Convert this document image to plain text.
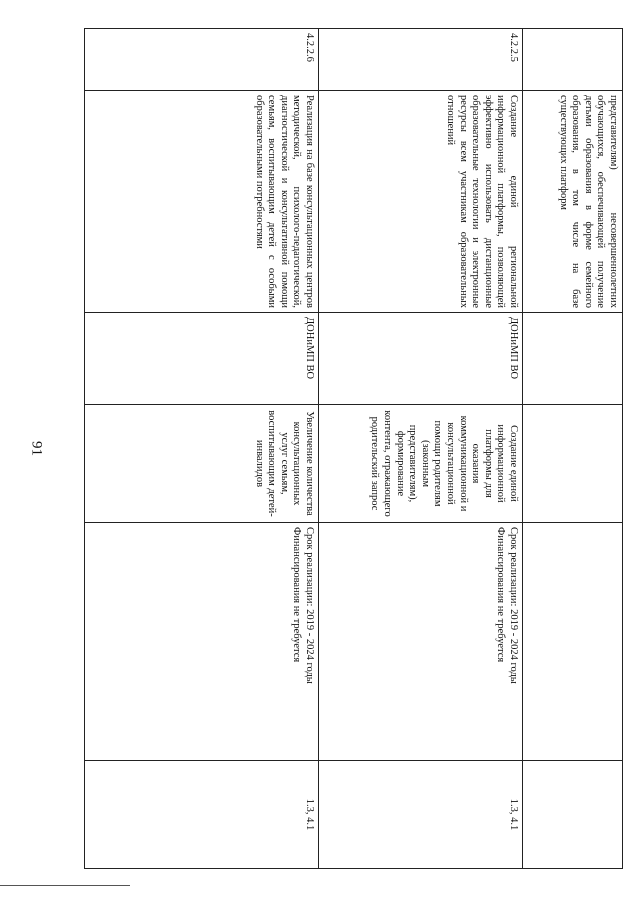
91
	представителям) несовершеннолетних обучающихся, обеспечивающей получение детьми образования в форме семейного образования, в том числе на базе существующих платформ				
4.2.2.5	Создание единой региональной информационной платформы, позволяющей эффективно использовать дистанционные образовательные технологии и электронные ресурсы всем участникам образовательных отношений	ДОНиМП ВО	Создание единой информационной платформы для оказания коммуникационной и консультационной помощи родителям (законным представителям), формирование контента, отражающего родительский запрос	Срок реализации: 2019 - 2024 годы Финансирования не требуется	1.3, 4.1
4.2.2.6	Реализация на базе консультационных центров методической, психолого-педагогической, диагностической и консультативной помощи семьям, воспитывающим детей с особыми образовательными потребностями	ДОНиМП ВО	Увеличение количества консультационных услуг семьям, воспитывающим детей-инвалидов	Срок реализации: 2019 - 2024 годы Финансирования не требуется	1.3, 4.1
